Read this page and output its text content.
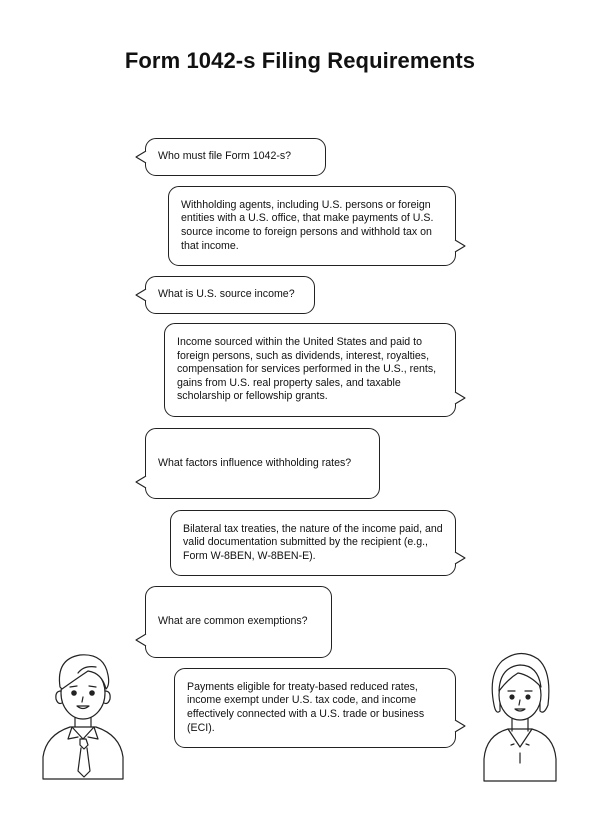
Form 1042-s Filing Requirements
Who must file Form 1042-s?
Withholding agents, including U.S. persons or foreign entities with a U.S. office, that make payments of U.S. source income to foreign persons and withhold tax on that income.
What is U.S. source income?
Income sourced within the United States and paid to foreign persons, such as dividends, interest, royalties, compensation for services performed in the U.S., rents, gains from U.S. real property sales, and taxable scholarship or fellowship grants.
What factors influence withholding rates?
Bilateral tax treaties, the nature of the income paid, and valid documentation submitted by the recipient (e.g., Form W-8BEN, W-8BEN-E).
What are common exemptions?
Payments eligible for treaty-based reduced rates, income exempt under U.S. tax code, and income effectively connected with a U.S. trade or business (ECI).
